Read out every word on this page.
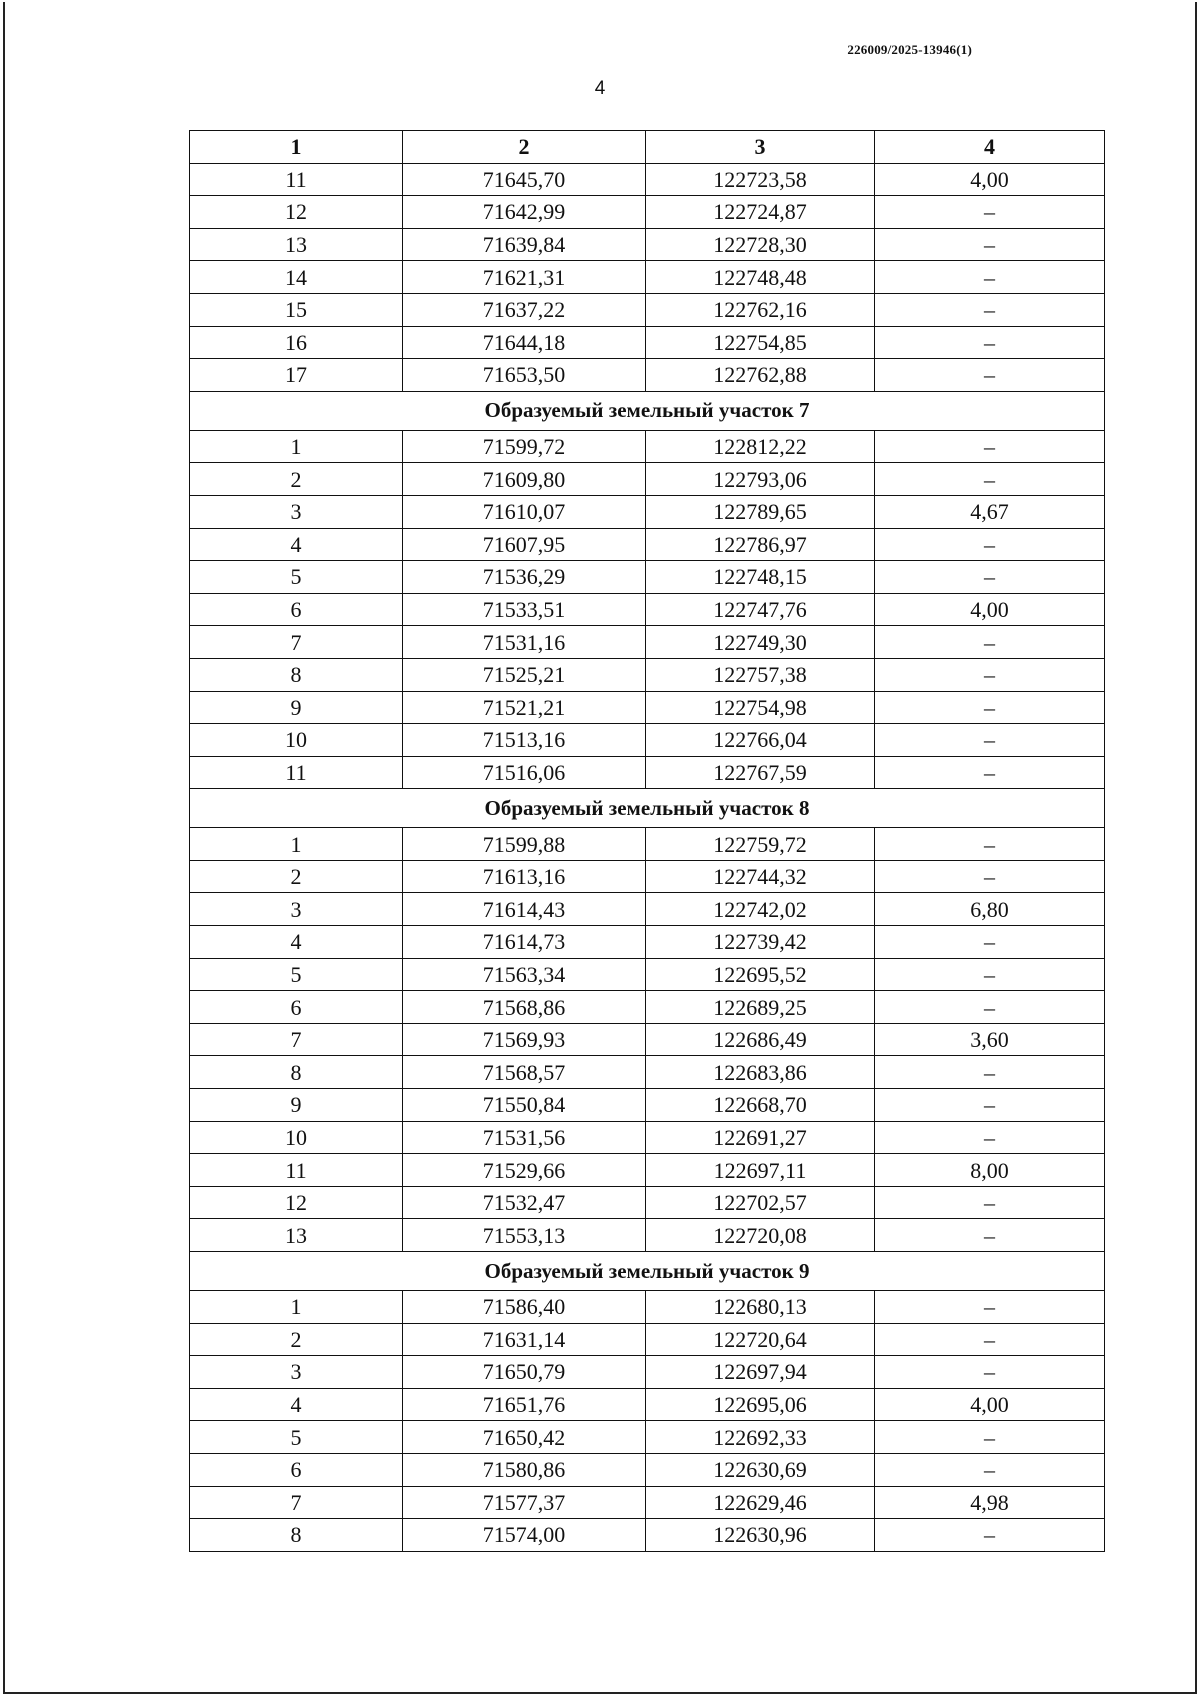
226009/2025-13946(1)
4
1	2	3	4
11	71645,70	122723,58	4,00
12	71642,99	122724,87	–
13	71639,84	122728,30	–
14	71621,31	122748,48	–
15	71637,22	122762,16	–
16	71644,18	122754,85	–
17	71653,50	122762,88	–
Образуемый земельный участок 7			
1	71599,72	122812,22	–
2	71609,80	122793,06	–
3	71610,07	122789,65	4,67
4	71607,95	122786,97	–
5	71536,29	122748,15	–
6	71533,51	122747,76	4,00
7	71531,16	122749,30	–
8	71525,21	122757,38	–
9	71521,21	122754,98	–
10	71513,16	122766,04	–
11	71516,06	122767,59	–
Образуемый земельный участок 8			
1	71599,88	122759,72	–
2	71613,16	122744,32	–
3	71614,43	122742,02	6,80
4	71614,73	122739,42	–
5	71563,34	122695,52	–
6	71568,86	122689,25	–
7	71569,93	122686,49	3,60
8	71568,57	122683,86	–
9	71550,84	122668,70	–
10	71531,56	122691,27	–
11	71529,66	122697,11	8,00
12	71532,47	122702,57	–
13	71553,13	122720,08	–
Образуемый земельный участок 9			
1	71586,40	122680,13	–
2	71631,14	122720,64	–
3	71650,79	122697,94	–
4	71651,76	122695,06	4,00
5	71650,42	122692,33	–
6	71580,86	122630,69	–
7	71577,37	122629,46	4,98
8	71574,00	122630,96	–
